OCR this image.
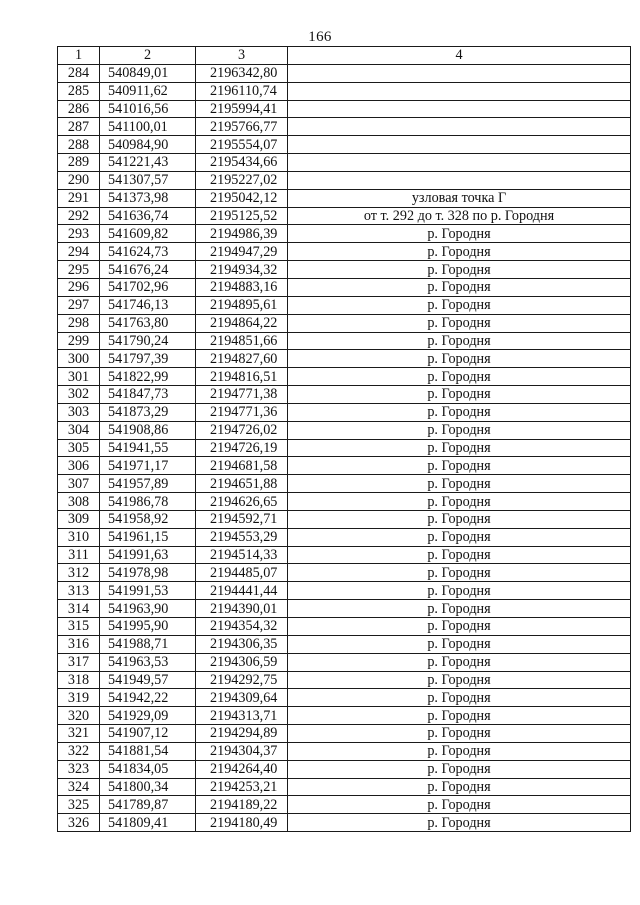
166
1	2	3	4
284	540849,01	2196342,80	
285	540911,62	2196110,74	
286	541016,56	2195994,41	
287	541100,01	2195766,77	
288	540984,90	2195554,07	
289	541221,43	2195434,66	
290	541307,57	2195227,02	
291	541373,98	2195042,12	узловая точка Г
292	541636,74	2195125,52	от т. 292 до т. 328 по р. Городня
293	541609,82	2194986,39	р. Городня
294	541624,73	2194947,29	р. Городня
295	541676,24	2194934,32	р. Городня
296	541702,96	2194883,16	р. Городня
297	541746,13	2194895,61	р. Городня
298	541763,80	2194864,22	р. Городня
299	541790,24	2194851,66	р. Городня
300	541797,39	2194827,60	р. Городня
301	541822,99	2194816,51	р. Городня
302	541847,73	2194771,38	р. Городня
303	541873,29	2194771,36	р. Городня
304	541908,86	2194726,02	р. Городня
305	541941,55	2194726,19	р. Городня
306	541971,17	2194681,58	р. Городня
307	541957,89	2194651,88	р. Городня
308	541986,78	2194626,65	р. Городня
309	541958,92	2194592,71	р. Городня
310	541961,15	2194553,29	р. Городня
311	541991,63	2194514,33	р. Городня
312	541978,98	2194485,07	р. Городня
313	541991,53	2194441,44	р. Городня
314	541963,90	2194390,01	р. Городня
315	541995,90	2194354,32	р. Городня
316	541988,71	2194306,35	р. Городня
317	541963,53	2194306,59	р. Городня
318	541949,57	2194292,75	р. Городня
319	541942,22	2194309,64	р. Городня
320	541929,09	2194313,71	р. Городня
321	541907,12	2194294,89	р. Городня
322	541881,54	2194304,37	р. Городня
323	541834,05	2194264,40	р. Городня
324	541800,34	2194253,21	р. Городня
325	541789,87	2194189,22	р. Городня
326	541809,41	2194180,49	р. Городня
